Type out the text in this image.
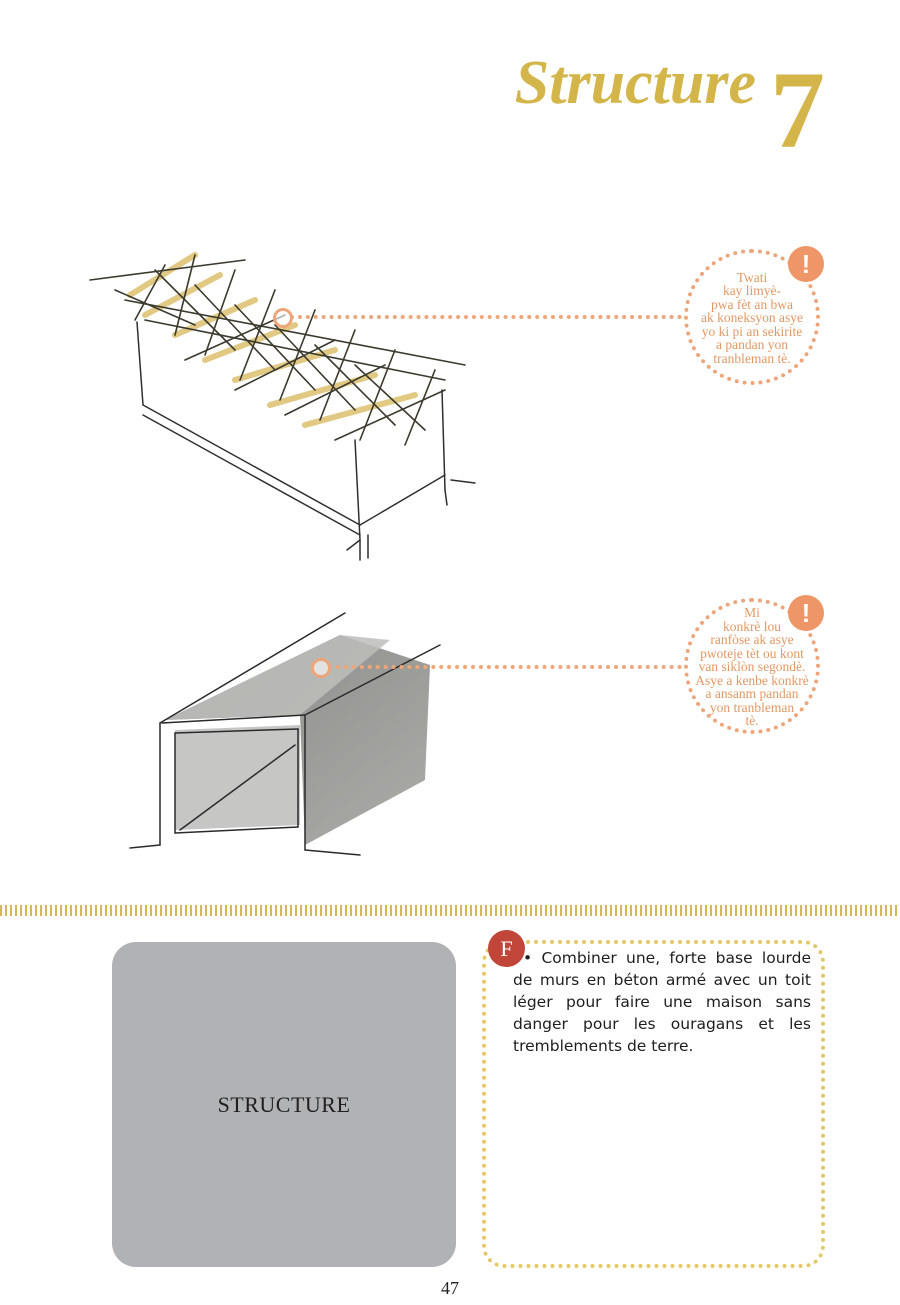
Structure 7
Twati
kay limyè-
pwa fèt an bwa
ak koneksyon asye
yo ki pi an sekirite
a pandan yon
tranbleman tè.
!
Mi
konkrè lou
ranfòse ak asye
pwoteje tèt ou kont
van siklòn segondè.
Asye a kenbe konkrè
a ansanm pandan
yon tranbleman
tè.
!
STRUCTURE
• Combiner une, forte base lourde de murs en béton armé avec un toit léger pour faire une maison sans danger pour les ouragans et les tremblements de terre.
F
47
